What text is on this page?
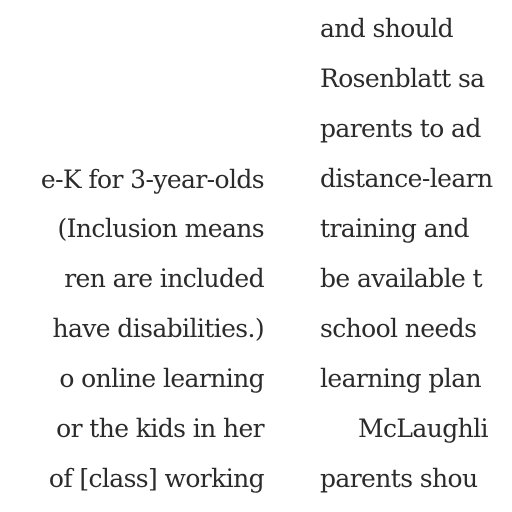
e-K for 3-year-olds
(Inclusion means
ren are included
have disabilities.)
o online learning
or the kids in her
of [class] working
and should
Rosenblatt sa
parents to ad
distance-learn
training and
be available t
school needs
learning plan
McLaughli
parents shou
